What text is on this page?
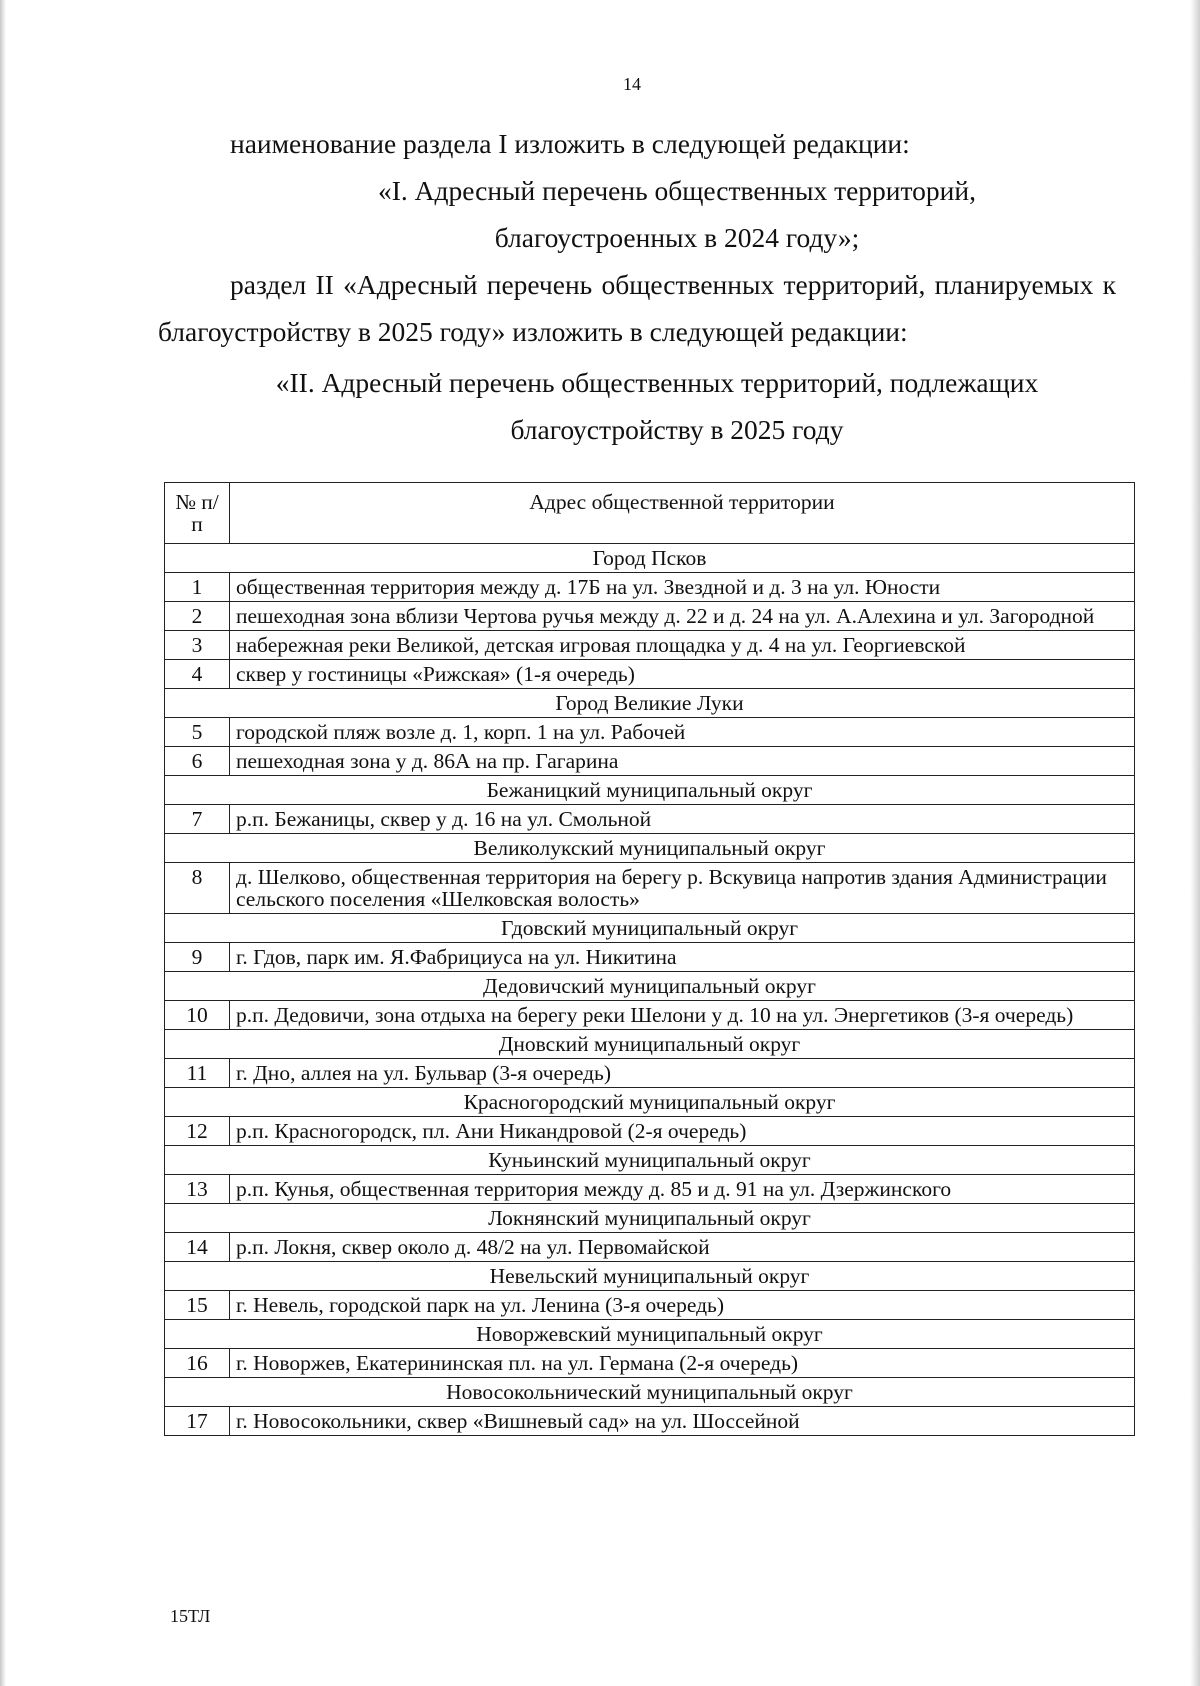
14

наименование раздела I изложить в следующей редакции:

«I. Адресный перечень общественных территорий,

благоустроенных в 2024 году»;

раздел II «Адресный перечень общественных территорий, планируемых к благоустройству в 2025 году» изложить в следующей редакции:

«II. Адресный перечень общественных территорий, подлежащих

благоустройству в 2025 году

№ п/п	Адрес общественной территории
Город Псков	
1	общественная территория между д. 17Б на ул. Звездной и д. 3 на ул. Юности
2	пешеходная зона вблизи Чертова ручья между д. 22 и д. 24 на ул. А.Алехина и ул. Загородной
3	набережная реки Великой, детская игровая площадка у д. 4 на ул. Георгиевской
4	сквер у гостиницы «Рижская» (1-я очередь)
Город Великие Луки	
5	городской пляж возле д. 1, корп. 1 на ул. Рабочей
6	пешеходная зона у д. 86А на пр. Гагарина
Бежаницкий муниципальный округ	
7	р.п. Бежаницы, сквер у д. 16 на ул. Смольной
Великолукский муниципальный округ	
8	д. Шелково, общественная территория на берегу р. Вскувица напротив здания Администрации сельского поселения «Шелковская волость»
Гдовский муниципальный округ	
9	г. Гдов, парк им. Я.Фабрициуса на ул. Никитина
Дедовичский муниципальный округ	
10	р.п. Дедовичи, зона отдыха на берегу реки Шелони у д. 10 на ул. Энергетиков (3-я очередь)
Дновский муниципальный округ	
11	г. Дно, аллея на ул. Бульвар (3-я очередь)
Красногородский муниципальный округ	
12	р.п. Красногородск, пл. Ани Никандровой (2-я очередь)
Куньинский муниципальный округ	
13	р.п. Кунья, общественная территория между д. 85 и д. 91 на ул. Дзержинского
Локнянский муниципальный округ	
14	р.п. Локня, сквер около д. 48/2 на ул. Первомайской
Невельский муниципальный округ	
15	г. Невель, городской парк на ул. Ленина (3-я очередь)
Новоржевский муниципальный округ	
16	г. Новоржев, Екатерининская пл. на ул. Германа (2-я очередь)
Новосокольнический муниципальный округ	
17	г. Новосокольники, сквер «Вишневый сад» на ул. Шоссейной
15ТЛ
